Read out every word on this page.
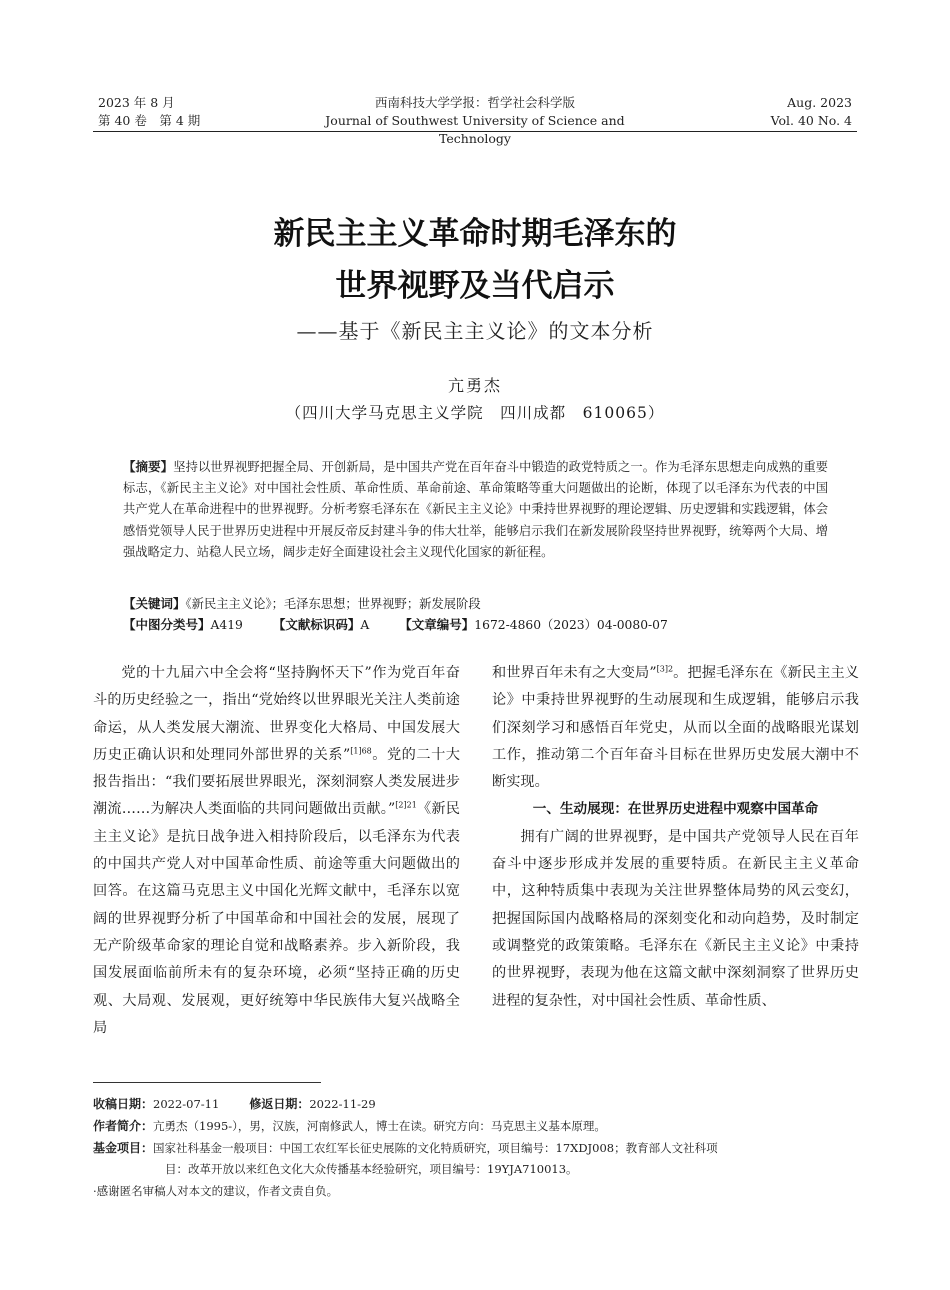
2023 年 8 月
第 40 卷　第 4 期
西南科技大学学报：哲学社会科学版
Journal of Southwest University of Science and Technology
Aug. 2023
Vol. 40 No. 4
新民主主义革命时期毛泽东的
世界视野及当代启示
——基于《新民主主义论》的文本分析
亢勇杰
（四川大学马克思主义学院　四川成都　610065）
【摘要】坚持以世界视野把握全局、开创新局，是中国共产党在百年奋斗中锻造的政党特质之一。作为毛泽东思想走向成熟的重要标志，《新民主主义论》对中国社会性质、革命性质、革命前途、革命策略等重大问题做出的论断，体现了以毛泽东为代表的中国共产党人在革命进程中的世界视野。分析考察毛泽东在《新民主主义论》中秉持世界视野的理论逻辑、历史逻辑和实践逻辑，体会感悟党领导人民于世界历史进程中开展反帝反封建斗争的伟大壮举，能够启示我们在新发展阶段坚持世界视野，统筹两个大局、增强战略定力、站稳人民立场，阔步走好全面建设社会主义现代化国家的新征程。
【关键词】《新民主主义论》；毛泽东思想；世界视野；新发展阶段
【中图分类号】A419 【文献标识码】A 【文章编号】1672-4860（2023）04-0080-07

党的十九届六中全会将“坚持胸怀天下”作为党百年奋斗的历史经验之一，指出“党始终以世界眼光关注人类前途命运，从人类发展大潮流、世界变化大格局、中国发展大历史正确认识和处理同外部世界的关系”$^{[1]68}$。党的二十大报告指出：“我们要拓展世界眼光，深刻洞察人类发展进步潮流……为解决人类面临的共同问题做出贡献。”$^{[2]21}$《新民主主义论》是抗日战争进入相持阶段后，以毛泽东为代表的中国共产党人对中国革命性质、前途等重大问题做出的回答。在这篇马克思主义中国化光辉文献中，毛泽东以宽阔的世界视野分析了中国革命和中国社会的发展，展现了无产阶级革命家的理论自觉和战略素养。步入新阶段，我国发展面临前所未有的复杂环境，必须“坚持正确的历史观、大局观、发展观，更好统筹中华民族伟大复兴战略全局

和世界百年未有之大变局”$^{[3]2}$。把握毛泽东在《新民主主义论》中秉持世界视野的生动展现和生成逻辑，能够启示我们深刻学习和感悟百年党史，从而以全面的战略眼光谋划工作，推动第二个百年奋斗目标在世界历史发展大潮中不断实现。

一、生动展现：在世界历史进程中观察中国革命

拥有广阔的世界视野，是中国共产党领导人民在百年奋斗中逐步形成并发展的重要特质。在新民主主义革命中，这种特质集中表现为关注世界整体局势的风云变幻，把握国际国内战略格局的深刻变化和动向趋势，及时制定或调整党的政策策略。毛泽东在《新民主主义论》中秉持的世界视野，表现为他在这篇文献中深刻洞察了世界历史进程的复杂性，对中国社会性质、革命性质、

收稿日期：2022-07-11	修返日期：2022-11-29
作者简介：亢勇杰（1995-），男，汉族，河南修武人，博士在读。研究方向：马克思主义基本原理。
基金项目：国家社科基金一般项目：中国工农红军长征史展陈的文化特质研究，项目编号：17XDJ008；教育部人文社科项
目：改革开放以来红色文化大众传播基本经验研究，项目编号：19YJA710013。
·感谢匿名审稿人对本文的建议，作者文责自负。
